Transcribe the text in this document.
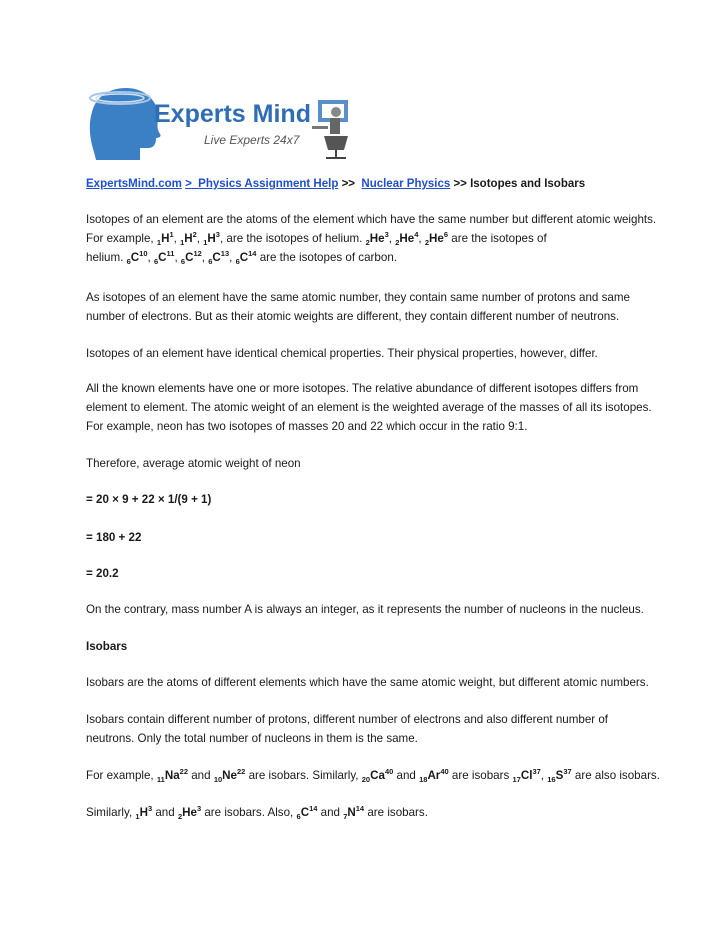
Experts Mind
Live Experts 24x7
ExpertsMind.com > Physics Assignment Help >> Nuclear Physics >> Isotopes and Isobars
Isotopes of an element are the atoms of the element which have the same number but different atomic weights.
For example, $_1H^1$, $_1H^2$, $_1H^3$, are the isotopes of helium. $_2He^3$, $_2He^4$, $_2He^6$ are the isotopes of
helium. $_6C^{10}$, $_6C^{11}$, $_6C^{12}$, $_6C^{13}$, $_6C^{14}$ are the isotopes of carbon.
As isotopes of an element have the same atomic number, they contain same number of protons and same
number of electrons. But as their atomic weights are different, they contain different number of neutrons.
Isotopes of an element have identical chemical properties. Their physical properties, however, differ.
All the known elements have one or more isotopes. The relative abundance of different isotopes differs from
element to element. The atomic weight of an element is the weighted average of the masses of all its isotopes.
For example, neon has two isotopes of masses 20 and 22 which occur in the ratio 9:1.
Therefore, average atomic weight of neon
= 20 × 9 + 22 × 1/(9 + 1)
= 180 + 22
= 20.2
On the contrary, mass number A is always an integer, as it represents the number of nucleons in the nucleus.
Isobars
Isobars are the atoms of different elements which have the same atomic weight, but different atomic numbers.
Isobars contain different number of protons, different number of electrons and also different number of
neutrons. Only the total number of nucleons in them is the same.
For example, $_{11}Na^{22}$ and $_{10}Ne^{22}$ are isobars. Similarly, $_{20}Ca^{40}$ and $_{18}Ar^{40}$ are isobars $_{17}Cl^{37}$, $_{16}S^{37}$ are also isobars.
Similarly, $_1H^3$ and $_2He^3$ are isobars. Also, $_6C^{14}$ and $_7N^{14}$ are isobars.
